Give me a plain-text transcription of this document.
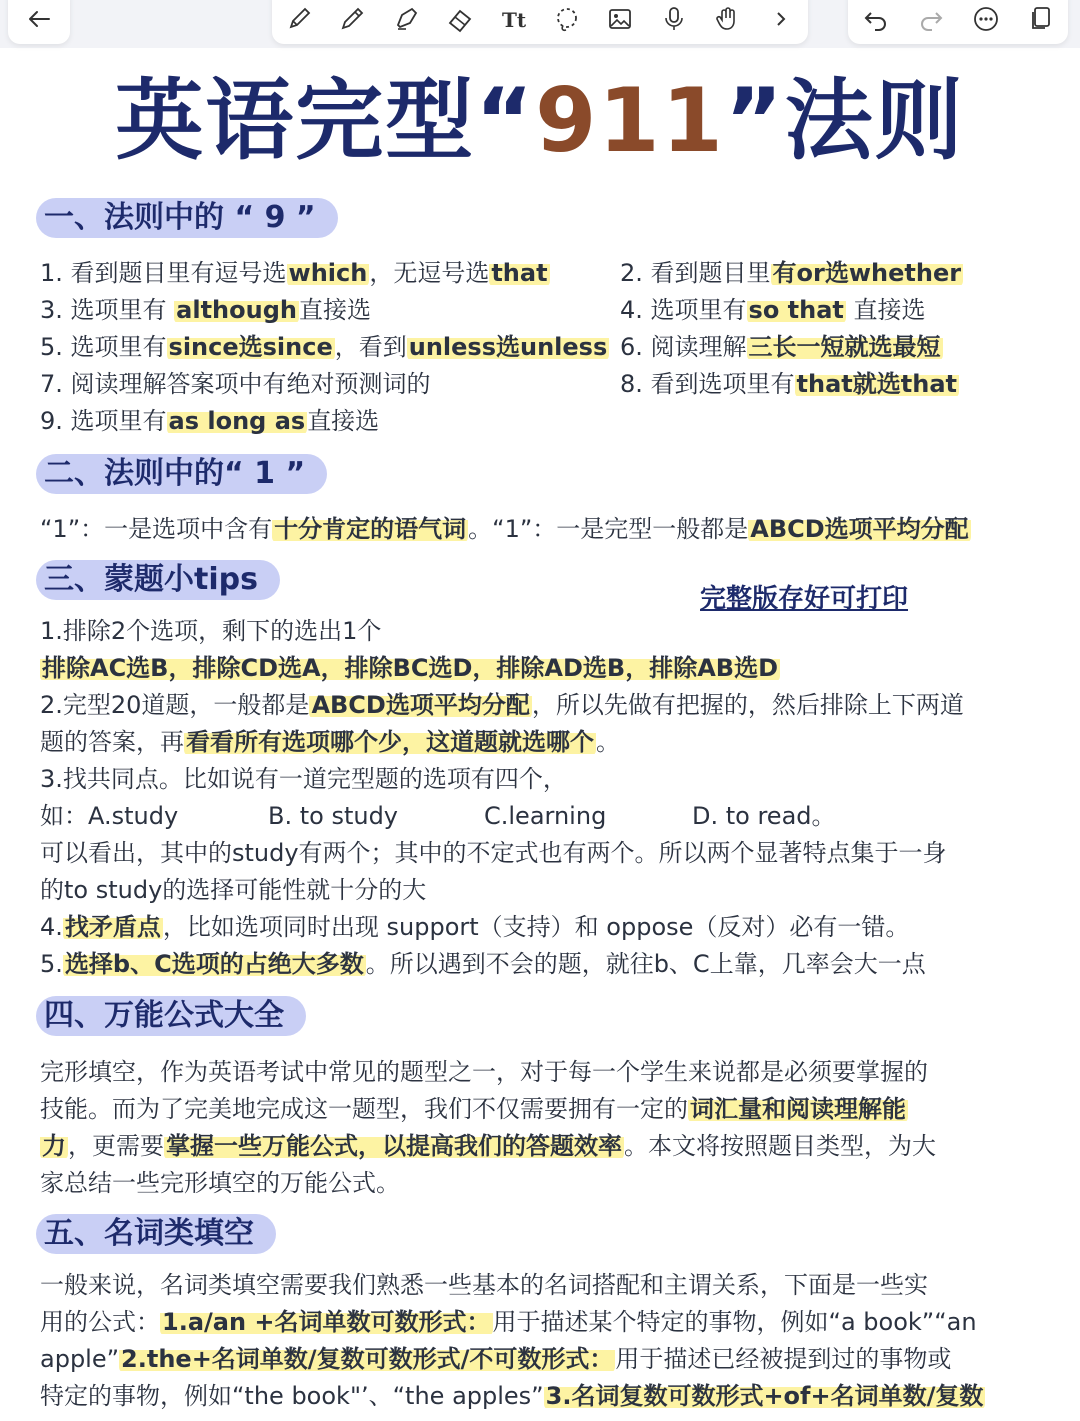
Tt
英语完型“911”法则
一、法则中的 “ 9 ”
1. 看到题目里有逗号选which，无逗号选that	2. 看到题目里有or选whether
3. 选项里有 although直接选	4. 选项里有so that 直接选
5. 选项里有since选since，看到unless选unless 6. 阅读理解三长一短就选最短
7. 阅读理解答案项中有绝对预测词的	8. 看到选项里有that就选that
9. 选项里有as long as直接选
二、法则中的“ 1 ”
“1”：一是选项中含有十分肯定的语气词。“1”：一是完型一般都是ABCD选项平均分配
三、蒙题小tips
完整版存好可打印
1.排除2个选项，剩下的选出1个
排除AC选B，排除CD选A，排除BC选D，排除AD选B，排除AB选D
2.完型20道题，一般都是ABCD选项平均分配，所以先做有把握的，然后排除上下两道
题的答案，再看看所有选项哪个少，这道题就选哪个。
3.找共同点。比如说有一道完型题的选项有四个，
如：A.study	B. to study	C.learning	D. to read。
可以看出，其中的study有两个；其中的不定式也有两个。所以两个显著特点集于一身
的to study的选择可能性就十分的大
4.找矛盾点，比如选项同时出现 support（支持）和 oppose（反对）必有一错。
5.选择b、C选项的占绝大多数。所以遇到不会的题，就往b、C上靠，几率会大一点
四、万能公式大全
完形填空，作为英语考试中常见的题型之一，对于每一个学生来说都是必须要掌握的
技能。而为了完美地完成这一题型，我们不仅需要拥有一定的词汇量和阅读理解能
力，更需要掌握一些万能公式，以提高我们的答题效率。本文将按照题目类型，为大
家总结一些完形填空的万能公式。
五、名词类填空
一般来说，名词类填空需要我们熟悉一些基本的名词搭配和主谓关系，下面是一些实
用的公式：1.a/an +名词单数可数形式：用于描述某个特定的事物，例如“a book”“an
apple”2.the+名词单数/复数可数形式/不可数形式：用于描述已经被提到过的事物或
特定的事物，例如“the book"’、“the apples”3.名词复数可数形式+of+名词单数/复数
